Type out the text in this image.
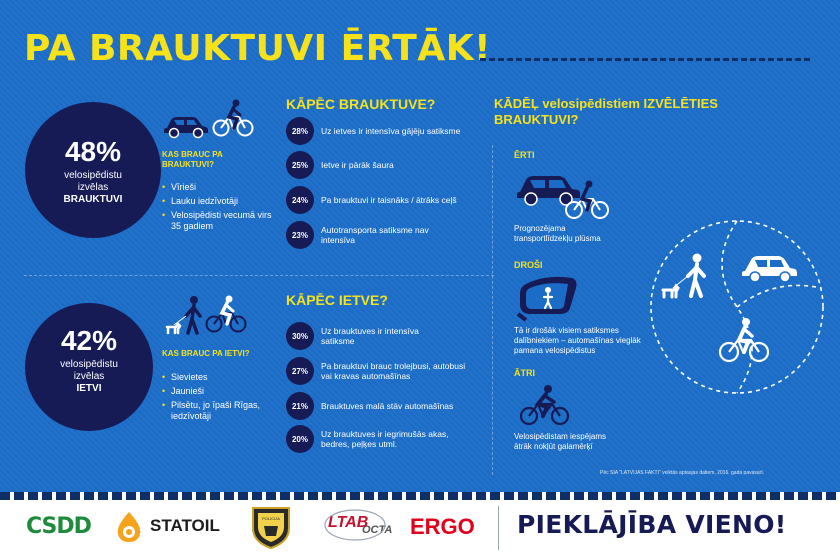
PA BRAUKTUVI ĒRTĀK!
48%
velosipēdistu izvēlas
BRAUKTUVI
KAS BRAUC PA BRAUKTUVI?
• Vīrieši
• Lauku iedzīvotāji
• Velosipēdisti vecumā virs 35 gadiem
KĀPĒC BRAUKTUVE?
28%	Uz ietves ir intensīva gājēju satiksme
25%	Ietve ir pārāk šaura
24%	Pa brauktuvi ir taisnāks / ātrāks ceļš
23%	Autotransporta satiksme nav intensīva
42%
velosipēdistu izvēlas
IETVI
KAS BRAUC PA IETVI?
• Sievietes
• Jaunieši
• Pilsētu, jo īpaši Rīgas, iedzīvotāji
KĀPĒC IETVE?
30%	Uz brauktuves ir intensīva satiksme
27%	Pa brauktuvi brauc trolejbusi, autobusi vai kravas automašīnas
21%	Brauktuves malā stāv automašīnas
20%	Uz brauktuves ir iegrimušās akas, bedres, peļķes utml.
KĀDĒĻ velosipēdistiem IZVĒLĒTIES BRAUKTUVI?
ĒRTI
Prognozējama transportlīdzekļu plūsma
DROŠI
Tā ir drošāk visiem satiksmes dalībniekiem – automašīnas vieglāk pamana velosipēdistus
ĀTRI
Velosipēdistam iespējams ātrāk nokļūt galamērķī
Pēc SIA "LATVIJAS FAKTI" veiktās aptaujas datiem, 2016. gada pavasarī.
CSDD	STATOIL	POLICIJA	LTAB
OCTA ERGO PIEKLĀJĪBA VIENO!
